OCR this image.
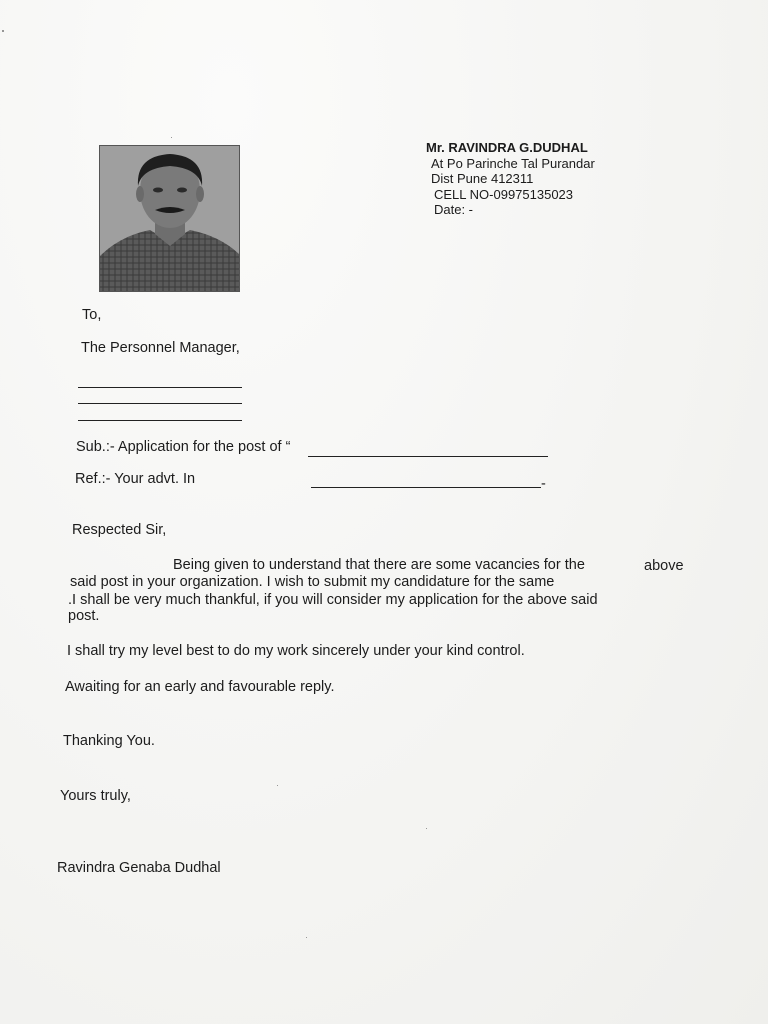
Mr. RAVINDRA G.DUDHAL
At Po Parinche Tal Purandar
Dist Pune 412311
CELL NO-09975135023
Date: -
To,
The Personnel Manager,
Sub.:- Application for the post of “
Ref.:- Your advt. In	-
Respected Sir,
Being given to understand that there are some vacancies for the	above
said post in your organization. I wish to submit my candidature for the same
.I shall be very much thankful, if you will consider my application for the above said
post.
I shall try my level best to do my work sincerely under your kind control.
Awaiting for an early and favourable reply.
Thanking You.
Yours truly,
Ravindra Genaba Dudhal
